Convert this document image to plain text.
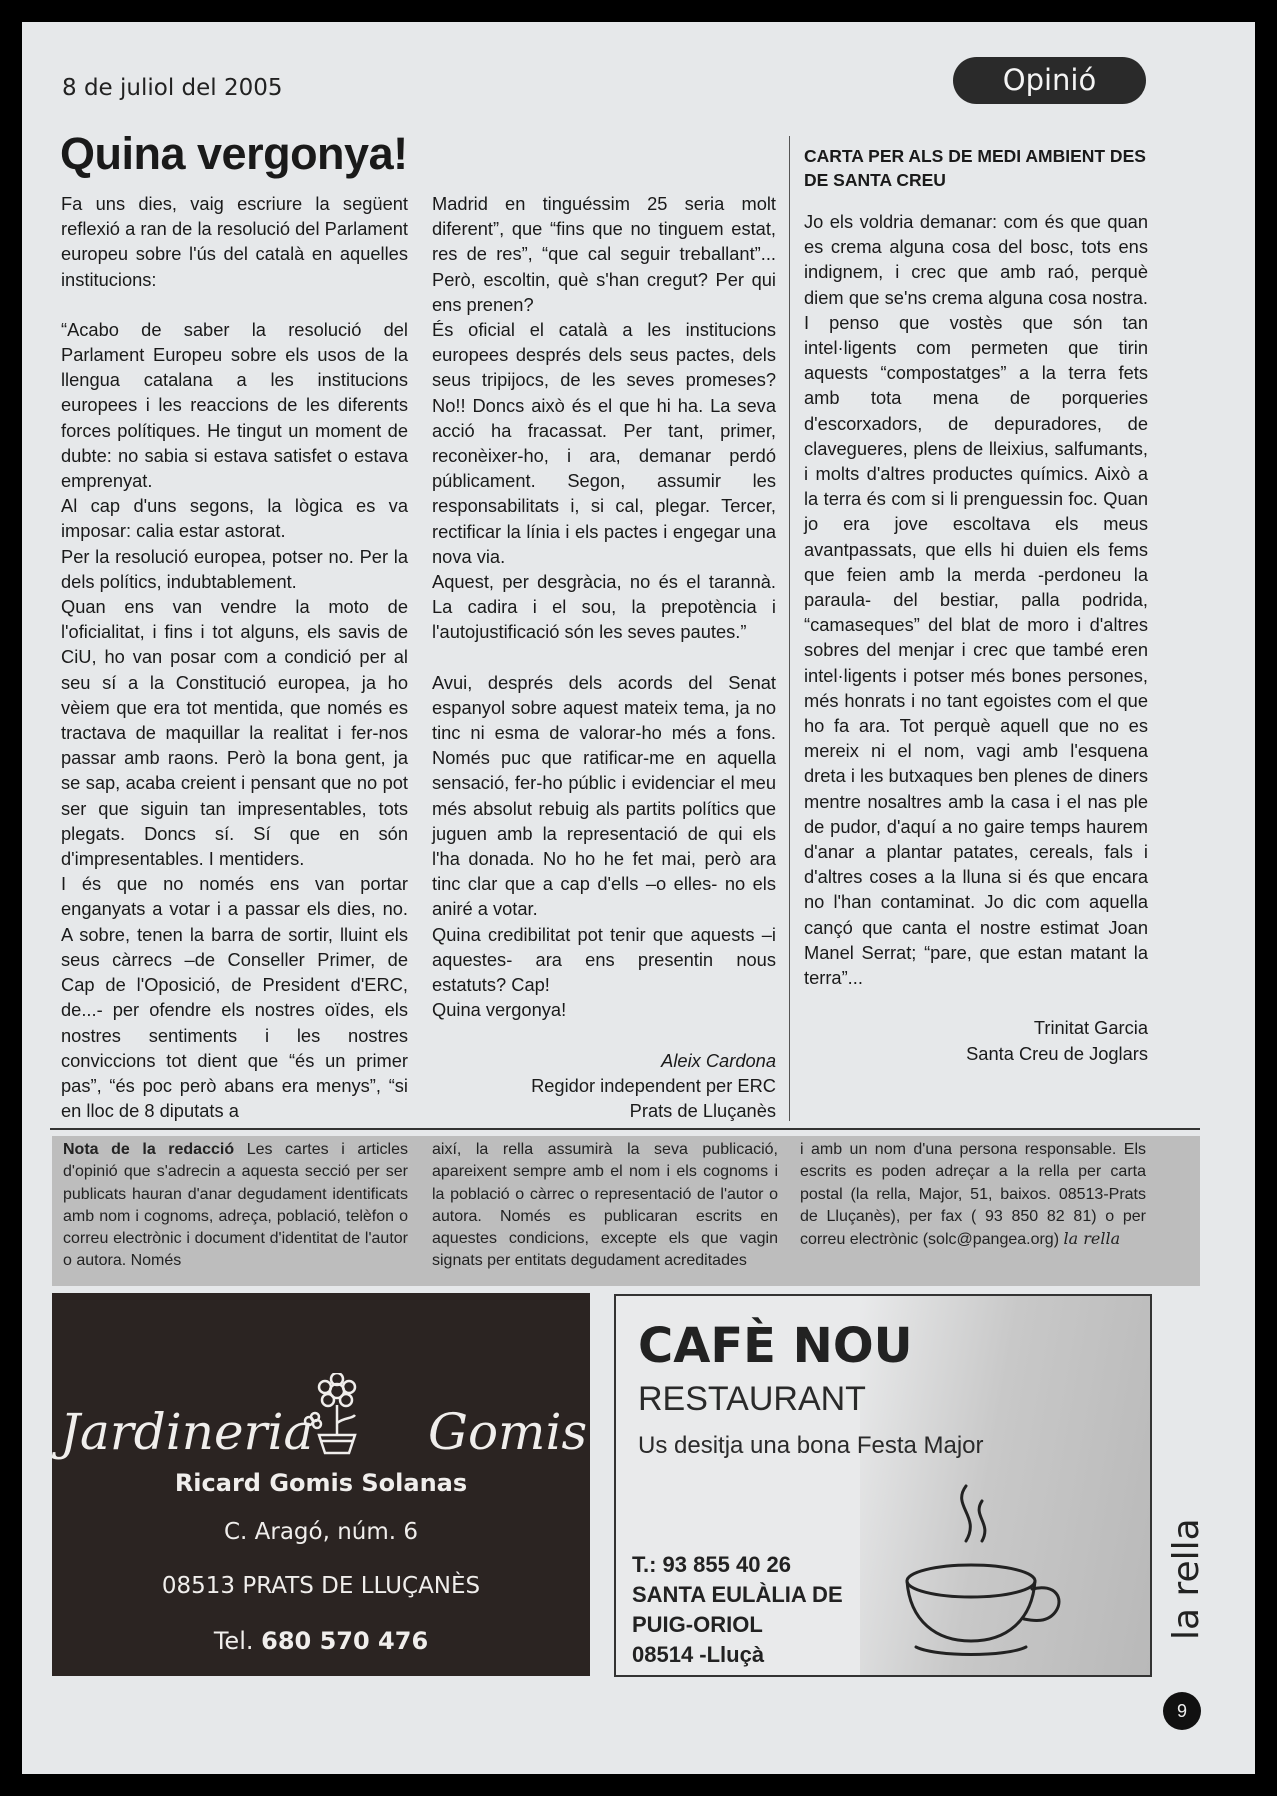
8 de juliol del 2005	Opinió
Quina vergonya!

Fa uns dies, vaig escriure la següent reflexió a ran de la resolució del Parlament europeu sobre l'ús del català en aquelles institucions:

“Acabo de saber la resolució del Parlament Europeu sobre els usos de la llengua catalana a les institucions europees i les reaccions de les diferents forces polítiques. He tingut un moment de dubte: no sabia si estava satisfet o estava emprenyat.

Al cap d'uns segons, la lògica es va imposar: calia estar astorat.

Per la resolució europea, potser no. Per la dels polítics, indubtablement.

Quan ens van vendre la moto de l'oficialitat, i fins i tot alguns, els savis de CiU, ho van posar com a condició per al seu sí a la Constitució europea, ja ho vèiem que era tot mentida, que només es tractava de maquillar la realitat i fer-nos passar amb raons. Però la bona gent, ja se sap, acaba creient i pensant que no pot ser que siguin tan impresentables, tots plegats. Doncs sí. Sí que en són d'impresentables. I mentiders.

I és que no només ens van portar enganyats a votar i a passar els dies, no. A sobre, tenen la barra de sortir, lluint els seus càrrecs –de Conseller Primer, de Cap de l'Oposició, de President d'ERC, de...- per ofendre els nostres oïdes, els nostres sentiments i les nostres conviccions tot dient que “és un primer pas”, “és poc però abans era menys”, “si en lloc de 8 diputats a

Madrid en tinguéssim 25 seria molt diferent”, que “fins que no tinguem estat, res de res”, “que cal seguir treballant”... Però, escoltin, què s'han cregut? Per qui ens prenen?

És oficial el català a les institucions europees després dels seus pactes, dels seus tripijocs, de les seves promeses? No!! Doncs això és el que hi ha. La seva acció ha fracassat. Per tant, primer, reconèixer-ho, i ara, demanar perdó públicament. Segon, assumir les responsabilitats i, si cal, plegar. Tercer, rectificar la línia i els pactes i engegar una nova via.

Aquest, per desgràcia, no és el tarannà. La cadira i el sou, la prepotència i l'autojustificació són les seves pautes.”

Avui, després dels acords del Senat espanyol sobre aquest mateix tema, ja no tinc ni esma de valorar-ho més a fons. Només puc que ratificar-me en aquella sensació, fer-ho públic i evidenciar el meu més absolut rebuig als partits polítics que juguen amb la representació de qui els l'ha donada. No ho he fet mai, però ara tinc clar que a cap d'ells –o elles- no els aniré a votar.

Quina credibilitat pot tenir que aquests –i aquestes- ara ens presentin nous estatuts? Cap!

Quina vergonya!

Aleix Cardona

Regidor independent per ERC

Prats de Lluçanès

CARTA PER ALS DE MEDI AMBIENT DES DE SANTA CREU

Jo els voldria demanar: com és que quan es crema alguna cosa del bosc, tots ens indignem, i crec que amb raó, perquè diem que se'ns crema alguna cosa nostra. I penso que vostès que són tan intel·ligents com permeten que tirin aquests “compostatges” a la terra fets amb tota mena de porqueries d'escorxadors, de depuradores, de clavegueres, plens de lleixius, salfumants, i molts d'altres productes químics. Això a la terra és com si li prenguessin foc. Quan jo era jove escoltava els meus avantpassats, que ells hi duien els fems que feien amb la merda -perdoneu la paraula- del bestiar, palla podrida, “camaseques” del blat de moro i d'altres sobres del menjar i crec que també eren intel·ligents i potser més bones persones, més honrats i no tant egoistes com el que ho fa ara. Tot perquè aquell que no es mereix ni el nom, vagi amb l'esquena dreta i les butxaques ben plenes de diners mentre nosaltres amb la casa i el nas ple de pudor, d'aquí a no gaire temps haurem d'anar a plantar patates, cereals, fals i d'altres coses a la lluna si és que encara no l'han contaminat. Jo dic com aquella cançó que canta el nostre estimat Joan Manel Serrat; “pare, que estan matant la terra”...

Trinitat Garcia

Santa Creu de Joglars

Nota de la redacció Les cartes i articles d'opinió que s'adrecin a aquesta secció per ser publicats hauran d'anar degudament identificats amb nom i cognoms, adreça, població, telèfon o correu electrònic i document d'identitat de l'autor o autora. Només
així, la rella assumirà la seva publicació, apareixent sempre amb el nom i els cognoms i la població o càrrec o representació de l'autor o autora. Només es publicaran escrits en aquestes condicions, excepte els que vagin signats per entitats degudament acreditades
i amb un nom d'una persona responsable. Els escrits es poden adreçar a la rella per carta postal (la rella, Major, 51, baixos. 08513-Prats de Lluçanès), per fax ( 93 850 82 81) o per correu electrònic (solc@pangea.org) la rella
Jardineria Gomis
Ricard Gomis Solanas
C. Aragó, núm. 6
08513 PRATS DE LLUÇANÈS
Tel. 680 570 476
CAFÈ NOU
RESTAURANT
Us desitja una bona Festa Major
T.: 93 855 40 26
SANTA EULÀLIA DE
PUIG-ORIOL
08514 -Lluçà
la rella
9
